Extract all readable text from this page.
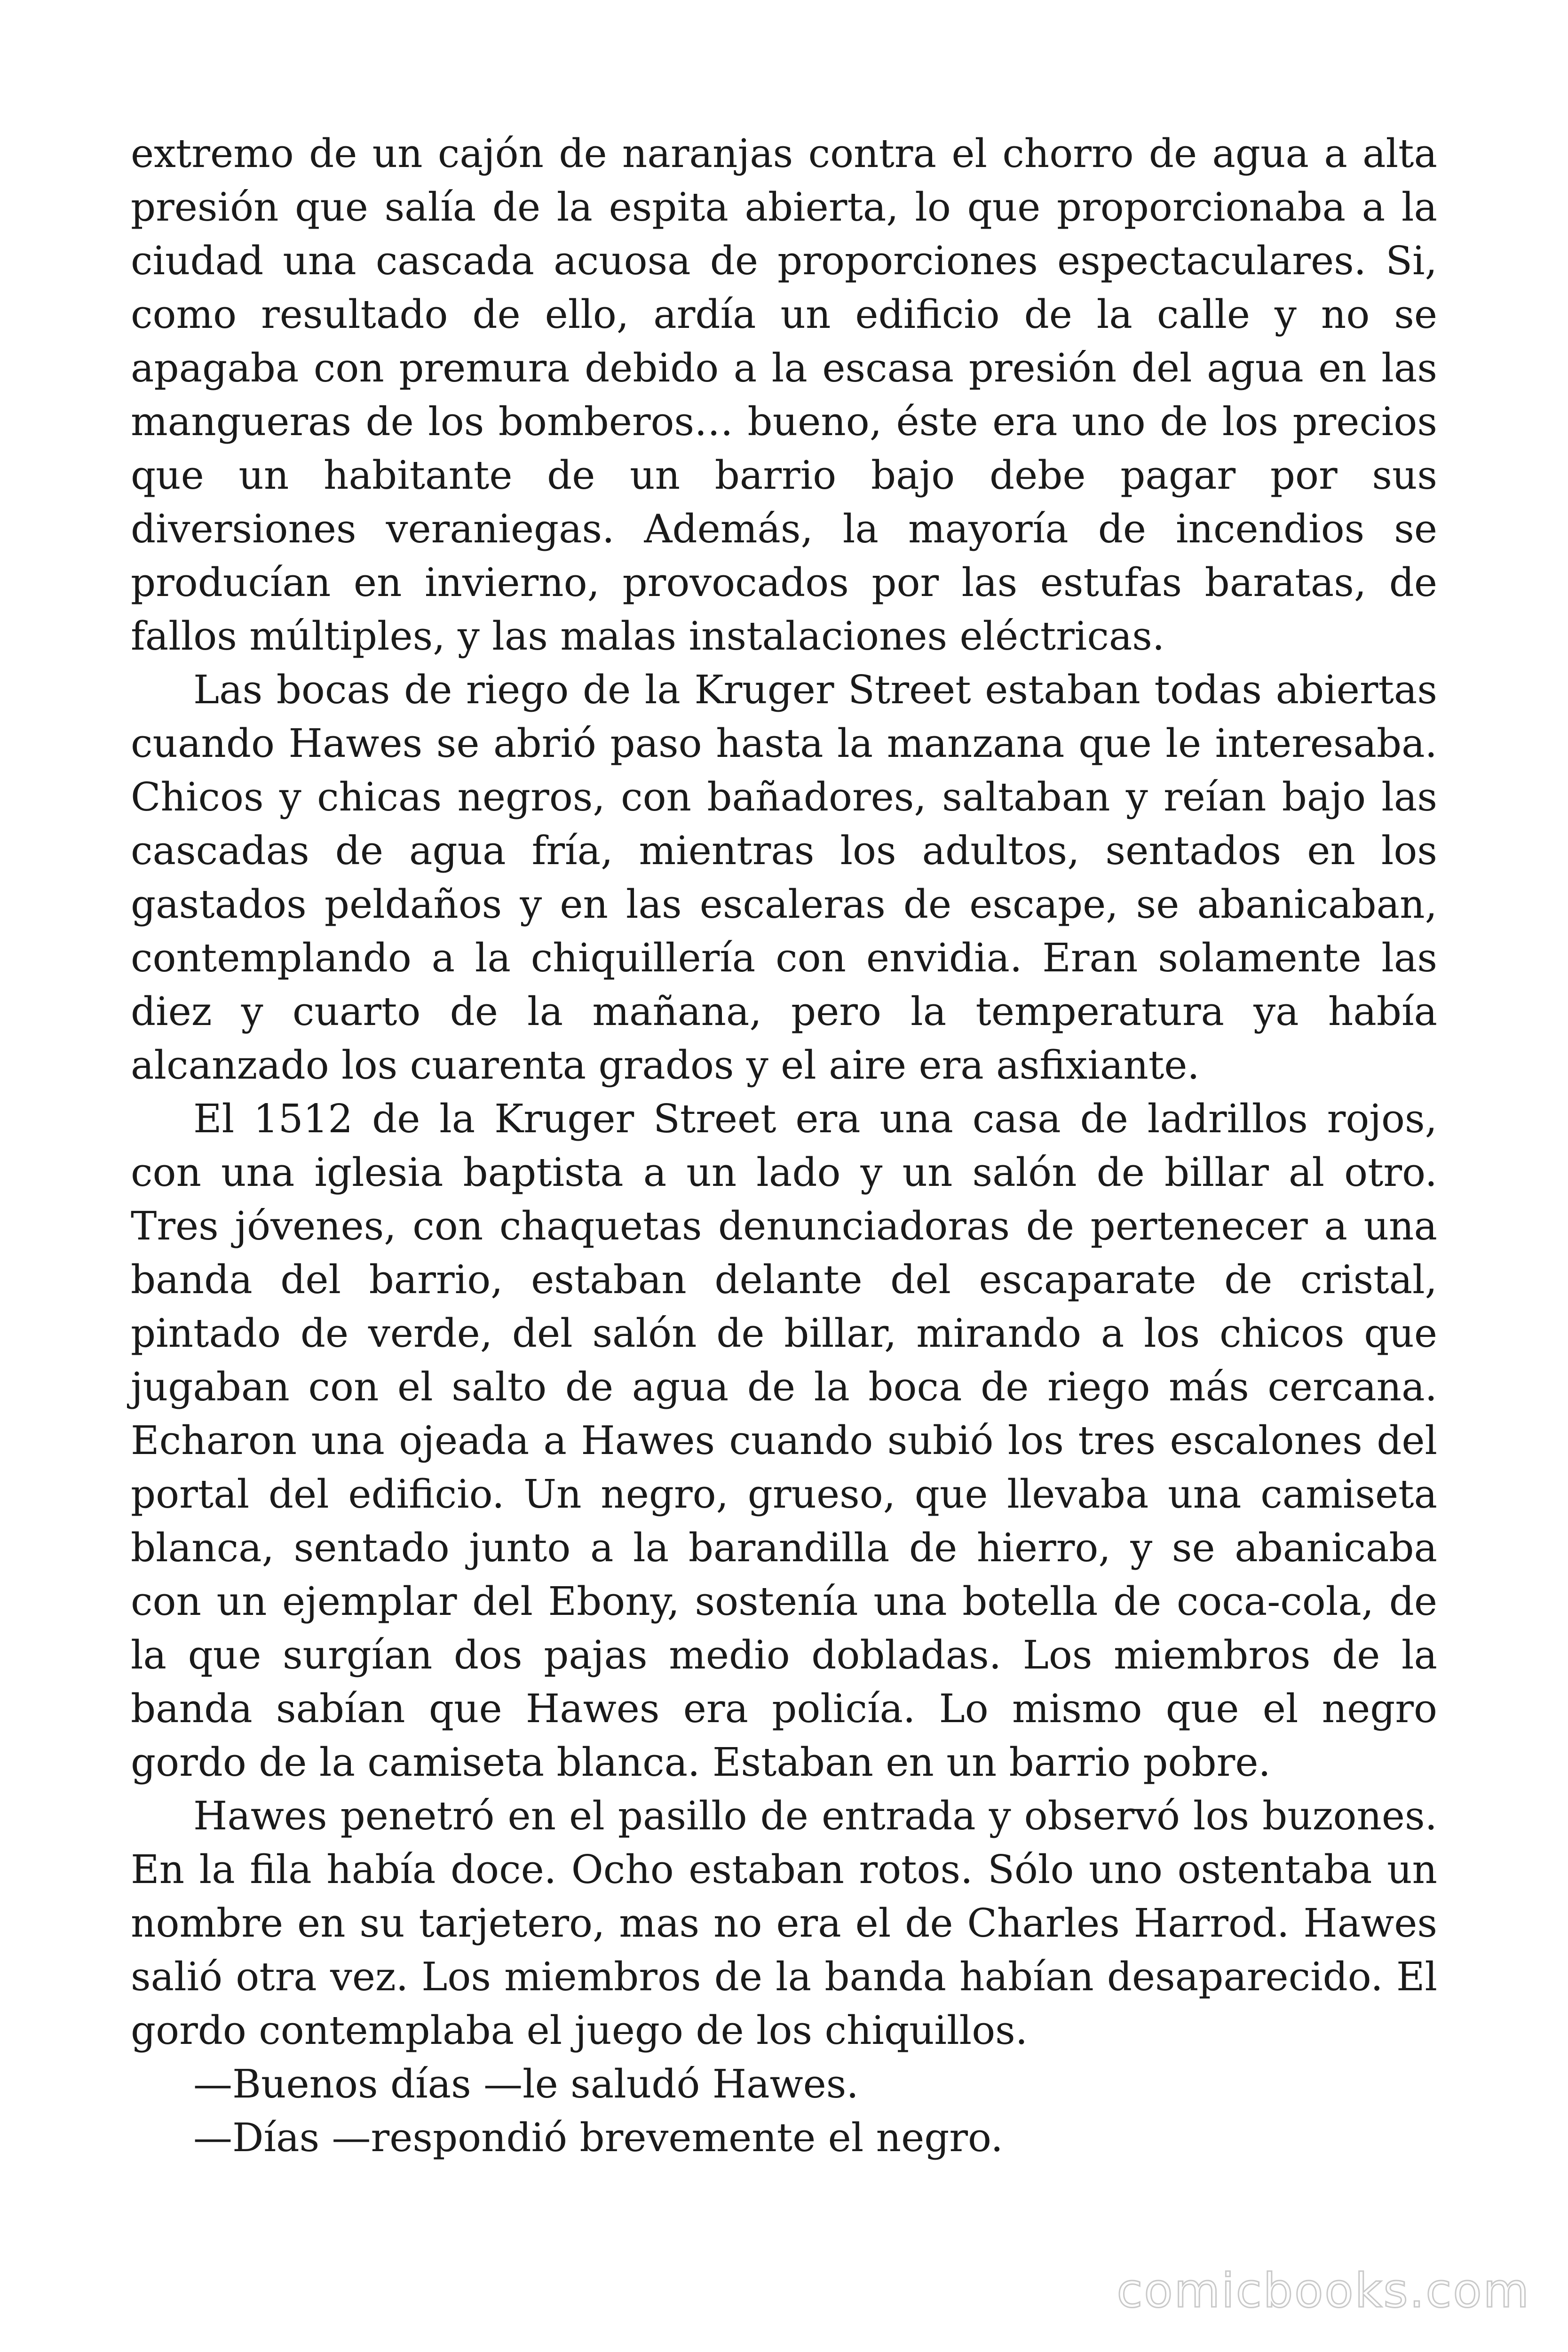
extremo de un cajón de naranjas contra el chorro de agua a alta presión que salía de la espita abierta, lo que proporcionaba a la ciudad una cascada acuosa de proporciones espectaculares. Si, como resultado de ello, ardía un edificio de la calle y no se apagaba con premura debido a la escasa presión del agua en las mangueras de los bomberos… bueno, éste era uno de los precios que un habitante de un barrio bajo debe pagar por sus diversiones veraniegas. Además, la mayoría de incendios se producían en invierno, provocados por las estufas baratas, de fallos múltiples, y las malas instalaciones eléctricas.

Las bocas de riego de la Kruger Street estaban todas abiertas cuando Hawes se abrió paso hasta la manzana que le interesaba. Chicos y chicas negros, con bañadores, saltaban y reían bajo las cascadas de agua fría, mientras los adultos, sentados en los gastados peldaños y en las escaleras de escape, se abanicaban, contemplando a la chiquillería con envidia. Eran solamente las diez y cuarto de la mañana, pero la temperatura ya había alcanzado los cuarenta grados y el aire era asfixiante.

El 1512 de la Kruger Street era una casa de ladrillos rojos, con una iglesia baptista a un lado y un salón de billar al otro. Tres jóvenes, con chaquetas denunciadoras de pertenecer a una banda del barrio, estaban delante del escaparate de cristal, pintado de verde, del salón de billar, mirando a los chicos que jugaban con el salto de agua de la boca de riego más cercana. Echaron una ojeada a Hawes cuando subió los tres escalones del portal del edificio. Un negro, grueso, que llevaba una camiseta blanca, sentado junto a la barandilla de hierro, y se abanicaba con un ejemplar del Ebony, sostenía una botella de coca-cola, de la que surgían dos pajas medio dobladas. Los miembros de la banda sabían que Hawes era policía. Lo mismo que el negro gordo de la camiseta blanca. Estaban en un barrio pobre.

Hawes penetró en el pasillo de entrada y observó los buzones. En la fila había doce. Ocho estaban rotos. Sólo uno ostentaba un nombre en su tarjetero, mas no era el de Charles Harrod. Hawes salió otra vez. Los miembros de la banda habían desaparecido. El gordo contemplaba el juego de los chiquillos.

—Buenos días —le saludó Hawes.

—Días —respondió brevemente el negro.

comicbooks.com
